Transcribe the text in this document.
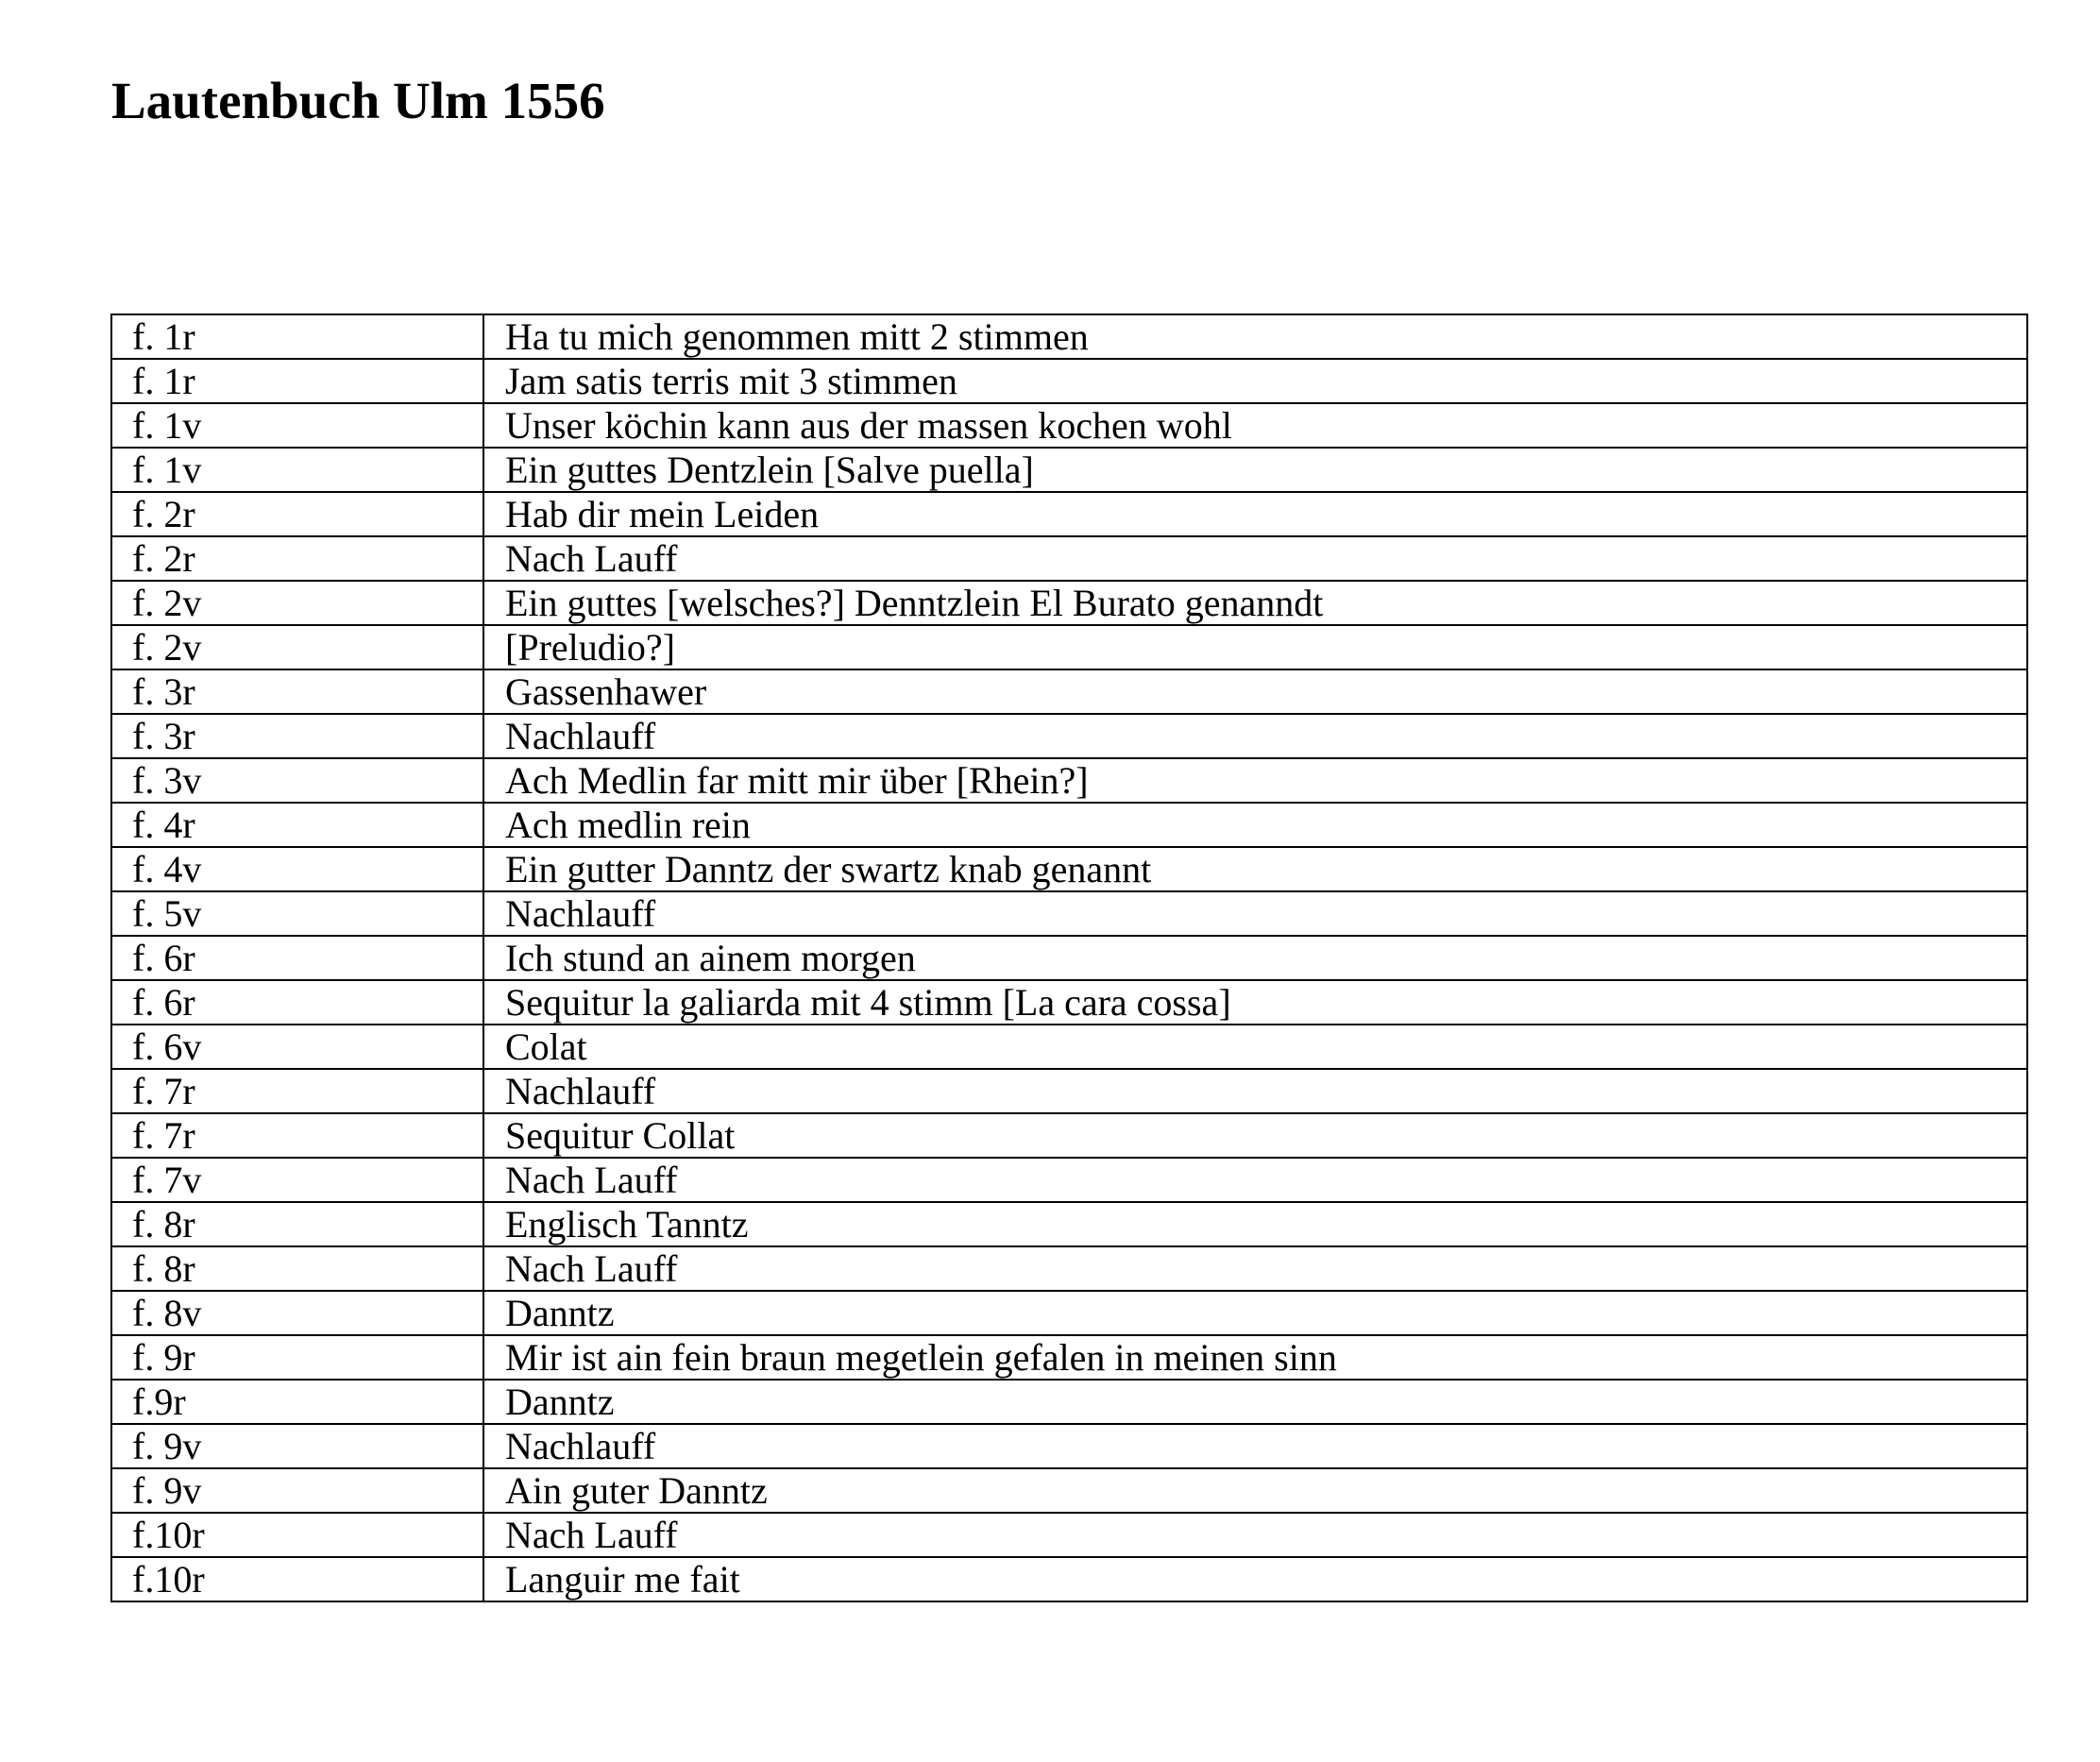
Lautenbuch Ulm 1556
f. 1r	Ha tu mich genommen mitt 2 stimmen
f. 1r	Jam satis terris mit 3 stimmen
f. 1v	Unser köchin kann aus der massen kochen wohl
f. 1v	Ein guttes Dentzlein [Salve puella]
f. 2r	Hab dir mein Leiden
f. 2r	Nach Lauff
f. 2v	Ein guttes [welsches?] Denntzlein El Burato genanndt
f. 2v	[Preludio?]
f. 3r	Gassenhawer
f. 3r	Nachlauff
f. 3v	Ach Medlin far mitt mir über [Rhein?]
f. 4r	Ach medlin rein
f. 4v	Ein gutter Danntz der swartz knab genannt
f. 5v	Nachlauff
f. 6r	Ich stund an ainem morgen
f. 6r	Sequitur la galiarda mit 4 stimm [La cara cossa]
f. 6v	Colat
f. 7r	Nachlauff
f. 7r	Sequitur Collat
f. 7v	Nach Lauff
f. 8r	Englisch Tanntz
f. 8r	Nach Lauff
f. 8v	Danntz
f. 9r	Mir ist ain fein braun megetlein gefalen in meinen sinn
f.9r	Danntz
f. 9v	Nachlauff
f. 9v	Ain guter Danntz
f.10r	Nach Lauff
f.10r	Languir me fait
